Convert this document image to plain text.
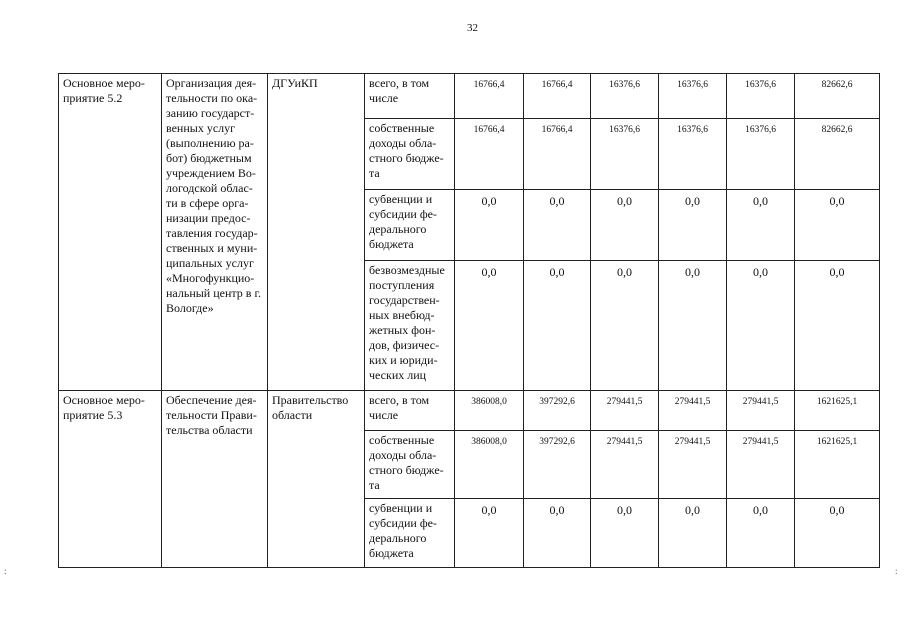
32
:	:
Основное меро-приятие 5.2	Организация дея-тельности по ока-занию государст-венных услуг (выполнению ра-бот) бюджетным учреждением Во-логодской облас-ти в сфере орга-низации предос-тавления государ-ственных и муни-ципальных услуг «Многофункцио-нальный центр в г. Вологде»	ДГУиКП	всего, в том числе	16766,4	16766,4	16376,6	16376,6	16376,6	82662,6
			собственные доходы обла-стного бюдже-та	16766,4	16766,4	16376,6	16376,6	16376,6	82662,6
			субвенции и субсидии фе-дерального бюджета	0,0	0,0	0,0	0,0	0,0	0,0
			безвозмездные поступления государствен-ных внебюд-жетных фон-дов, физичес-ких и юриди-ческих лиц	0,0	0,0	0,0	0,0	0,0	0,0
Основное меро-приятие 5.3	Обеспечение дея-тельности Прави-тельства области	Правительство области	всего, в том числе	386008,0	397292,6	279441,5	279441,5	279441,5	1621625,1
			собственные доходы обла-стного бюдже-та	386008,0	397292,6	279441,5	279441,5	279441,5	1621625,1
			субвенции и субсидии фе-дерального бюджета	0,0	0,0	0,0	0,0	0,0	0,0
